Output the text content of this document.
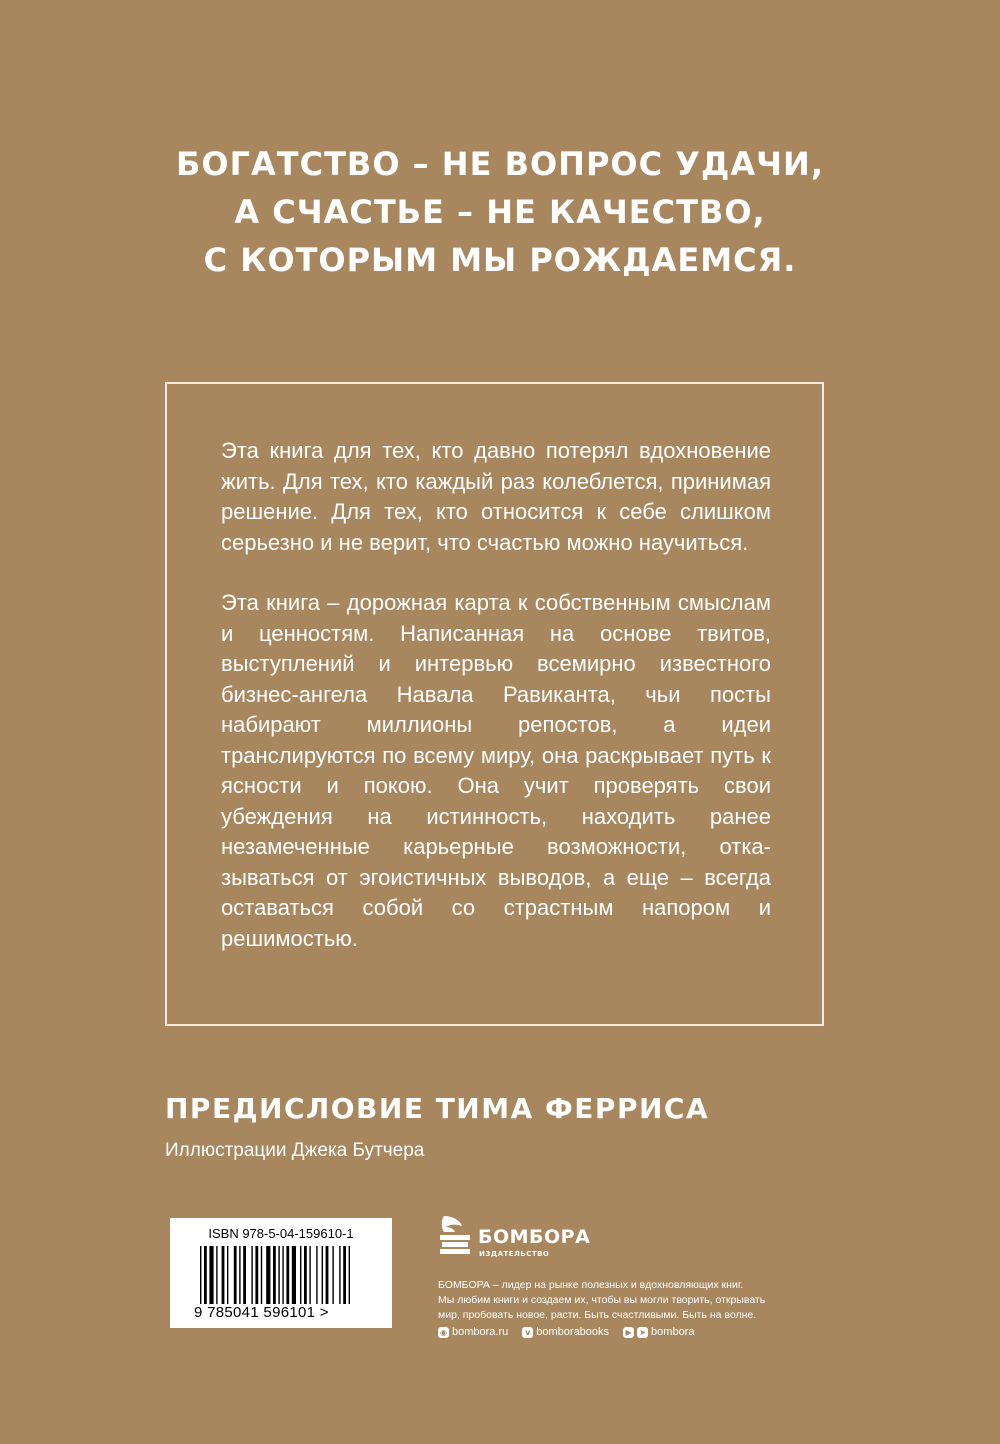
БОГАТСТВО – НЕ ВОПРОС УДАЧИ,
А СЧАСТЬЕ – НЕ КАЧЕСТВО,
С КОТОРЫМ МЫ РОЖДАЕМСЯ.

Эта книга для тех, кто давно потерял вдохновение жить. Для тех, кто каждый раз колеблется, принимая решение. Для тех, кто относится к себе слишком серьезно и не верит, что счастью можно научиться.

Эта книга – дорожная карта к собственным смыслам и ценностям. Написанная на основе твитов, выступлений и интервью всемирно известного бизнес-ангела Навала Равиканта, чьи посты набирают миллионы репостов, а идеи транслируются по всему миру, она раскрывает путь к ясности и покою. Она учит проверять свои убеждения на истинность, находить ранее незамеченные карьерные возможности, отказываться от эгоистичных выводов, а еще – всегда оставаться собой со страстным напором и решимостью.

ПРЕДИСЛОВИЕ ТИМА ФЕРРИСА
Иллюстрации Джека Бутчера
ISBN 978-5-04-159610-1
9 785041 596101 >
БОМБОРА
ИЗДАТЕЛЬСТВО
БОМБОРА – лидер на рынке полезных и вдохновляющих книг.
Мы любим книги и создаем их, чтобы вы могли творить, открывать
мир, пробовать новое, расти. Быть счастливыми. Быть на волне.
◉ bombora.ru	v bomborabooks	▶ ➤ bombora
